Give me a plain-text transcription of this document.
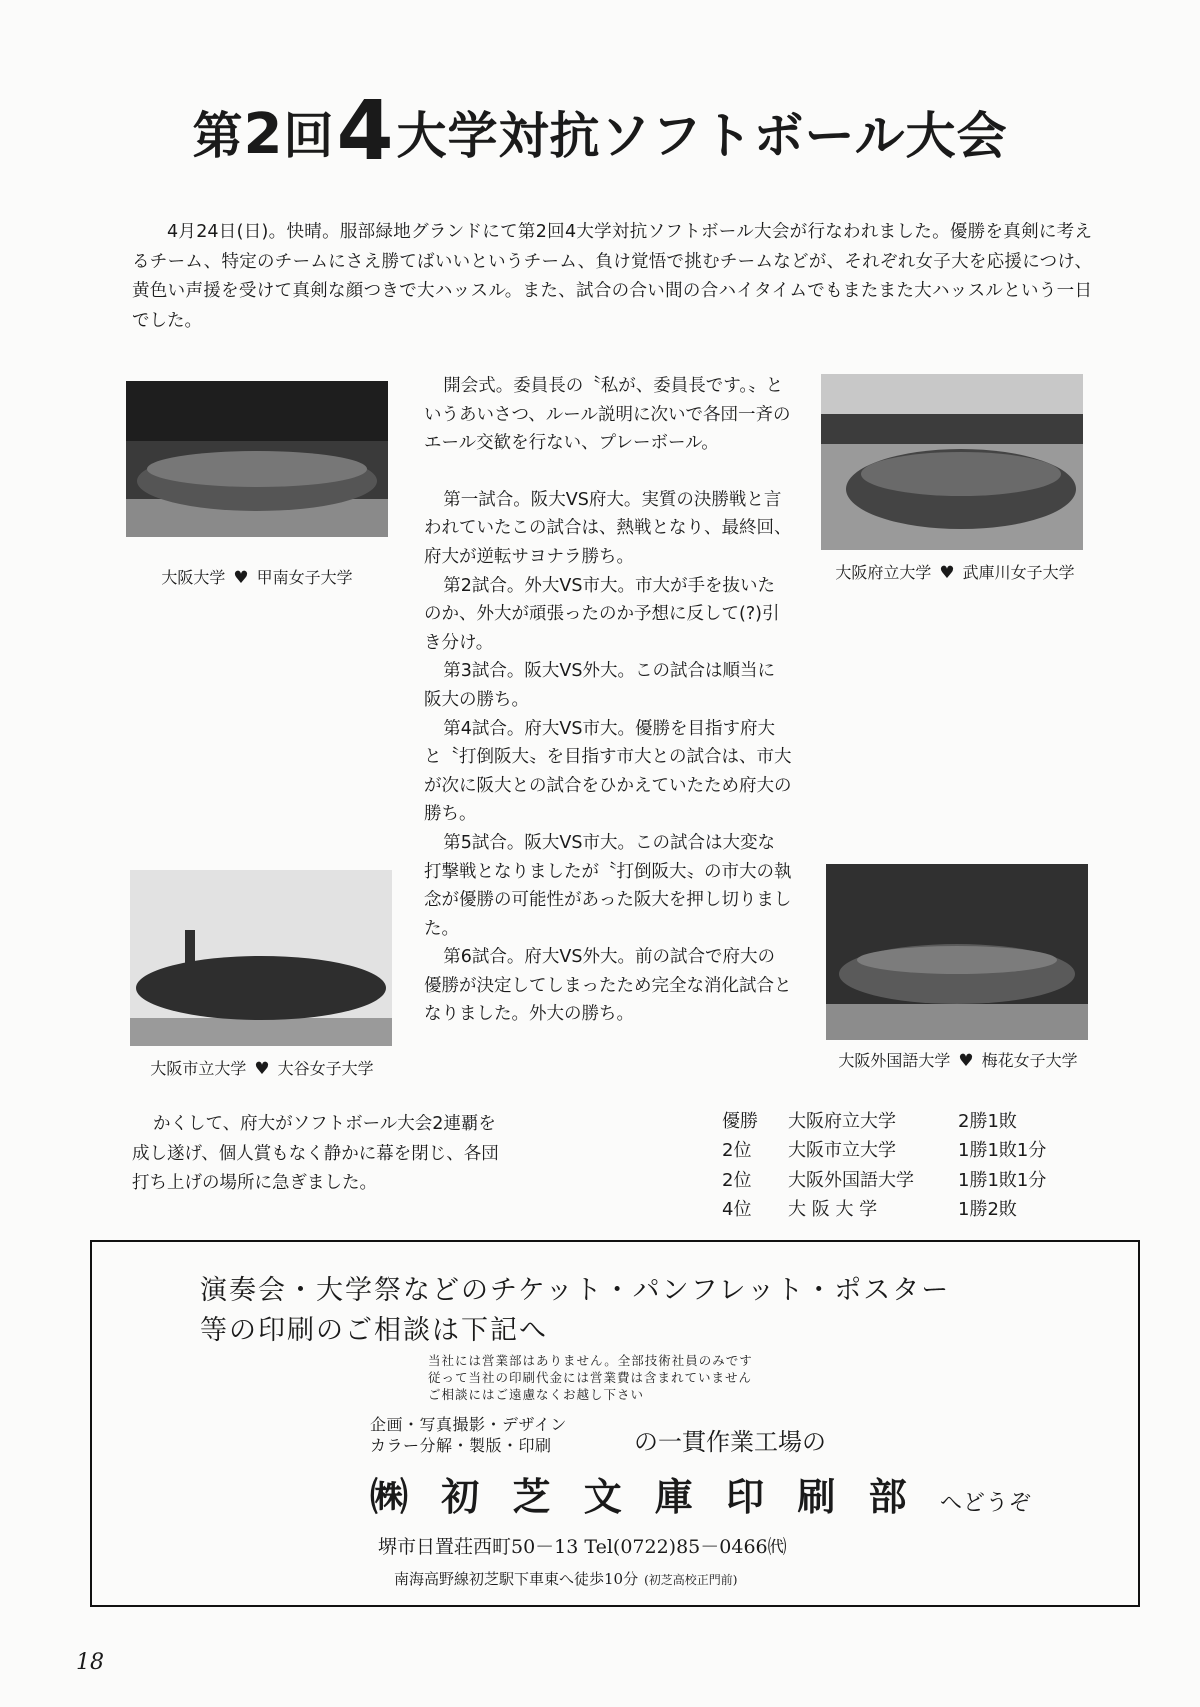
第2回4大学対抗ソフトボール大会

4月24日(日)。快晴。服部緑地グランドにて第2回4大学対抗ソフトボール大会が行なわれました。優勝を真剣に考えるチーム、特定のチームにさえ勝てばいいというチーム、負け覚悟で挑むチームなどが、それぞれ女子大を応援につけ、黄色い声援を受けて真剣な顔つきで大ハッスル。また、試合の合い間の合ハイタイムでもまたまた大ハッスルという一日でした。

大阪大学 ♥ 甲南女子大学	大阪府立大学 ♥ 武庫川女子大学
大阪市立大学 ♥ 大谷女子大学	大阪外国語大学 ♥ 梅花女子大学

開会式。委員長の〝私が、委員長です。〟というあいさつ、ルール説明に次いで各団一斉のエール交歓を行ない、プレーボール。

第一試合。阪大VS府大。実質の決勝戦と言われていたこの試合は、熱戦となり、最終回、府大が逆転サヨナラ勝ち。

第2試合。外大VS市大。市大が手を抜いたのか、外大が頑張ったのか予想に反して(?)引き分け。

第3試合。阪大VS外大。この試合は順当に阪大の勝ち。

第4試合。府大VS市大。優勝を目指す府大と〝打倒阪大〟を目指す市大との試合は、市大が次に阪大との試合をひかえていたため府大の勝ち。

第5試合。阪大VS市大。この試合は大変な打撃戦となりましたが〝打倒阪大〟の市大の執念が優勝の可能性があった阪大を押し切りました。

第6試合。府大VS外大。前の試合で府大の優勝が決定してしまったため完全な消化試合となりました。外大の勝ち。

かくして、府大がソフトボール大会2連覇を成し遂げ、個人賞もなく静かに幕を閉じ、各団打ち上げの場所に急ぎました。

優勝	大阪府立大学	2勝1敗
2位	大阪市立大学	1勝1敗1分
2位	大阪外国語大学	1勝1敗1分
4位	大 阪 大 学	1勝2敗
演奏会・大学祭などのチケット・パンフレット・ポスター
等の印刷のご相談は下記へ
当社には営業部はありません。全部技術社員のみです
従って当社の印刷代金には営業費は含まれていません
ご相談にはご遠慮なくお越し下さい
企画・写真撮影・デザイン
カラー分解・製版・印刷	の一貫作業工場の
㈱ 初 芝 文 庫 印 刷 部 へどうぞ
堺市日置荘西町50－13 Tel(0722)85－0466㈹
南海高野線初芝駅下車東へ徒歩10分 (初芝高校正門前)
18
